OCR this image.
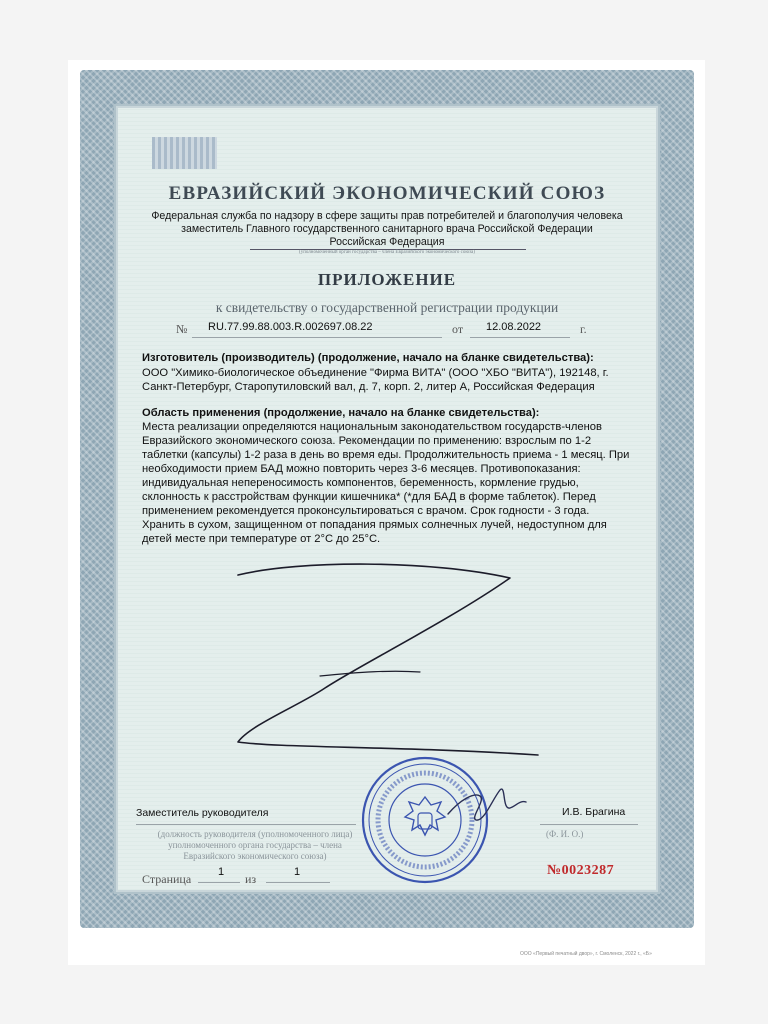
ЕВРАЗИЙСКИЙ ЭКОНОМИЧЕСКИЙ СОЮЗ
Федеральная служба по надзору в сфере защиты прав потребителей и благополучия человека
заместитель Главного государственного санитарного врача Российской Федерации
Российская Федерация
(уполномоченный орган государства – члена Евразийского экономического союза)
ПРИЛОЖЕНИЕ
к свидетельству о государственной регистрации продукции
№ RU.77.99.88.003.R.002697.08.22	от 12.08.2022	г.
Изготовитель (производитель) (продолжение, начало на бланке свидетельства):
ООО "Химико-биологическое объединение "Фирма ВИТА" (ООО "ХБО "ВИТА"), 192148, г. Санкт-Петербург, Старопутиловский вал, д. 7, корп. 2, литер А, Российская Федерация
Область применения (продолжение, начало на бланке свидетельства):
Места реализации определяются национальным законодательством государств-членов Евразийского экономического союза. Рекомендации по применению: взрослым по 1-2 таблетки (капсулы) 1-2 раза в день во время еды. Продолжительность приема - 1 месяц. При необходимости прием БАД можно повторить через 3-6 месяцев. Противопоказания: индивидуальная непереносимость компонентов, беременность, кормление грудью, склонность к расстройствам функции кишечника* (*для БАД в форме таблеток). Перед применением рекомендуется проконсультироваться с врачом. Срок годности - 3 года. Хранить в сухом, защищенном от попадания прямых солнечных лучей, недоступном для детей месте при температуре от 2°С до 25°С.
Заместитель руководителя	И.В. Брагина
(должность руководителя (уполномоченного лица) уполномоченного органа государства – члена Евразийского экономического союза)
(Ф. И. О.)
Страница 1 из	1	№0023287
ООО «Первый печатный двор», г. Смоленск, 2022 г., «Б»
